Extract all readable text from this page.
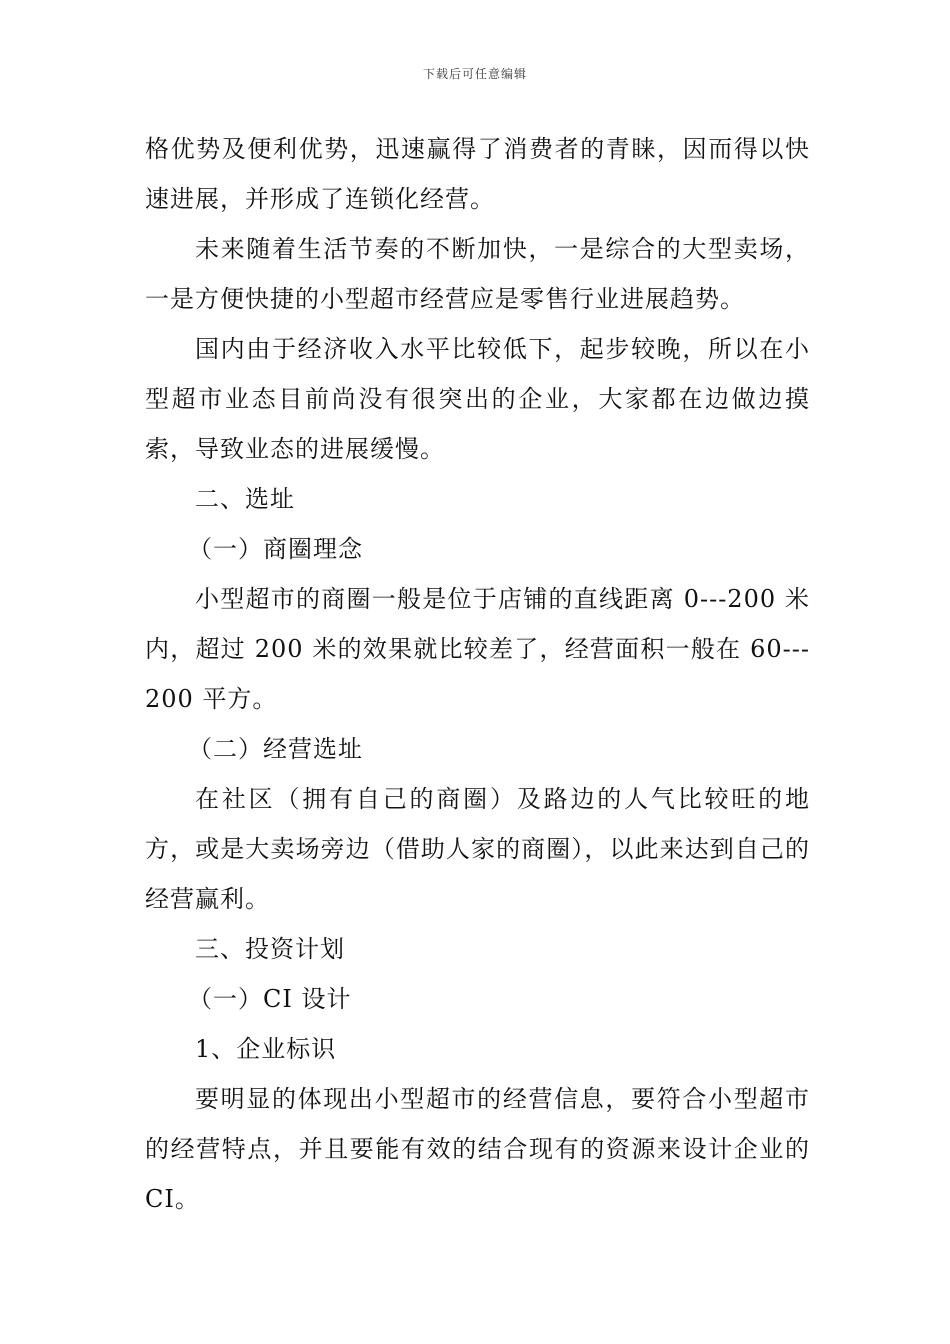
下载后可任意编辑

格优势及便利优势，迅速赢得了消费者的青睐，因而得以快速进展，并形成了连锁化经营。

未来随着生活节奏的不断加快，一是综合的大型卖场，一是方便快捷的小型超市经营应是零售行业进展趋势。

国内由于经济收入水平比较低下，起步较晚，所以在小型超市业态目前尚没有很突出的企业，大家都在边做边摸索，导致业态的进展缓慢。

二、选址

（一）商圈理念

小型超市的商圈一般是位于店铺的直线距离 0---200 米内，超过 200 米的效果就比较差了，经营面积一般在 60---200 平方。

（二）经营选址

在社区（拥有自己的商圈）及路边的人气比较旺的地方，或是大卖场旁边（借助人家的商圈），以此来达到自己的经营赢利。

三、投资计划

（一）CI 设计

1、企业标识

要明显的体现出小型超市的经营信息，要符合小型超市的经营特点，并且要能有效的结合现有的资源来设计企业的 CI。
